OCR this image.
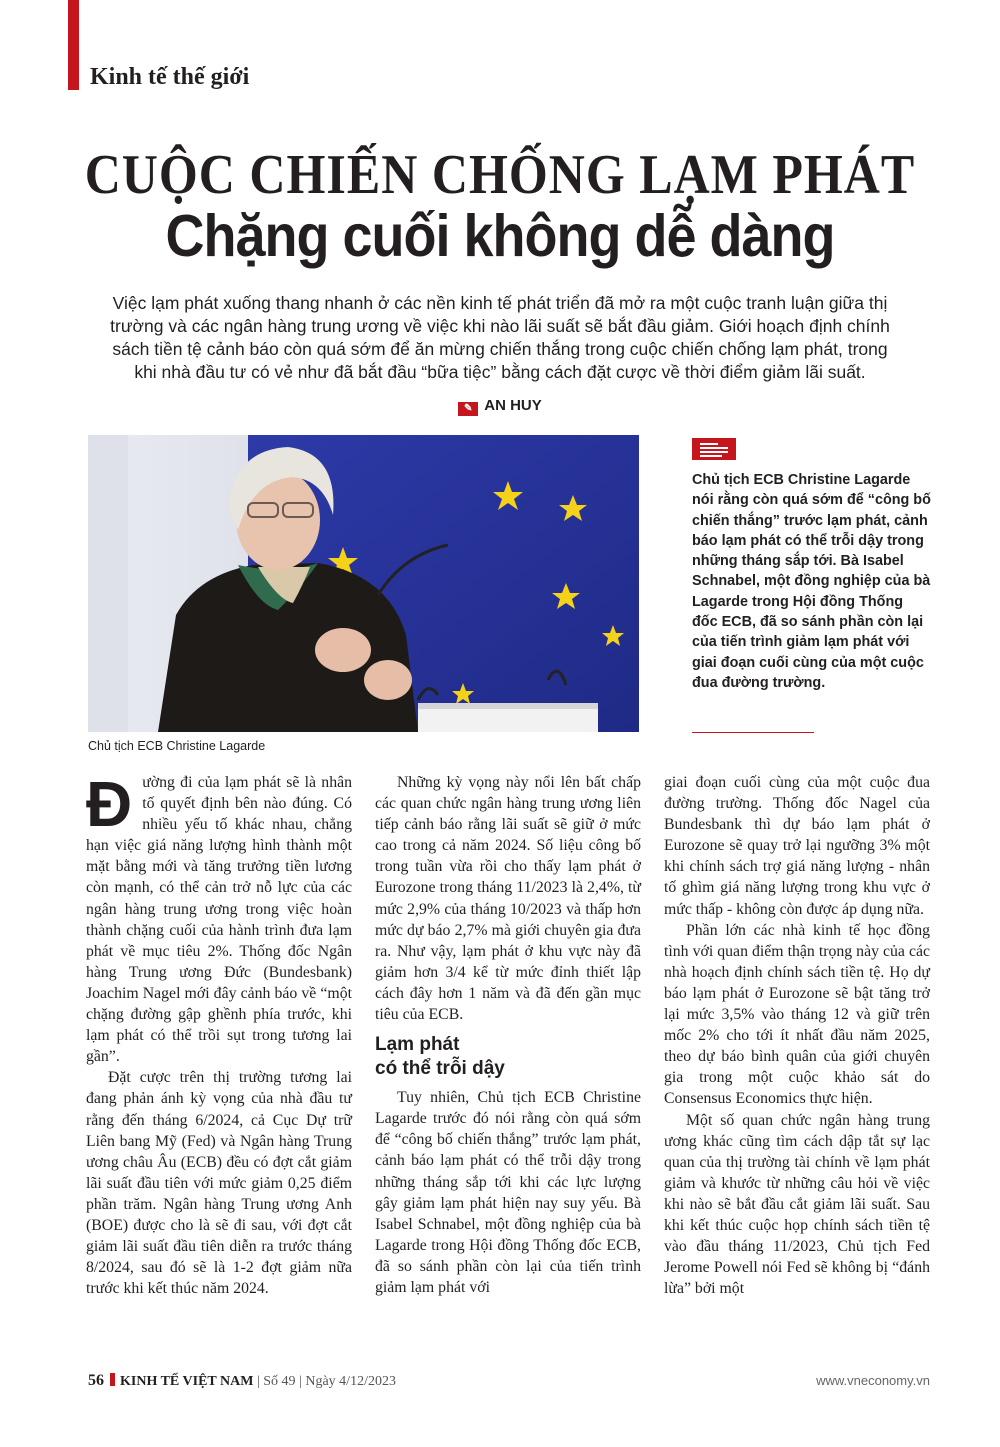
Kinh tế thế giới
CUỘC CHIẾN CHỐNG LẠM PHÁT
Chặng cuối không dễ dàng

Việc lạm phát xuống thang nhanh ở các nền kinh tế phát triển đã mở ra một cuộc tranh luận giữa thị trường và các ngân hàng trung ương về việc khi nào lãi suất sẽ bắt đầu giảm. Giới hoạch định chính sách tiền tệ cảnh báo còn quá sớm để ăn mừng chiến thắng trong cuộc chiến chống lạm phát, trong khi nhà đầu tư có vẻ như đã bắt đầu “bữa tiệc” bằng cách đặt cược về thời điểm giảm lãi suất.

✎ AN HUY
Chủ tịch ECB Christine Lagarde
Chủ tịch ECB Christine Lagarde nói rằng còn quá sớm để “công bố chiến thắng” trước lạm phát, cảnh báo lạm phát có thể trỗi dậy trong những tháng sắp tới. Bà Isabel Schnabel, một đồng nghiệp của bà Lagarde trong Hội đồng Thống đốc ECB, đã so sánh phần còn lại của tiến trình giảm lạm phát với giai đoạn cuối cùng của một cuộc đua đường trường.

Đường đi của lạm phát sẽ là nhân tố quyết định bên nào đúng. Có nhiều yếu tố khác nhau, chẳng hạn việc giá năng lượng hình thành một mặt bằng mới và tăng trưởng tiền lương còn mạnh, có thể cản trở nỗ lực của các ngân hàng trung ương trong việc hoàn thành chặng cuối của hành trình đưa lạm phát về mục tiêu 2%. Thống đốc Ngân hàng Trung ương Đức (Bundesbank) Joachim Nagel mới đây cảnh báo về “một chặng đường gập ghềnh phía trước, khi lạm phát có thể trồi sụt trong tương lai gần”.

Đặt cược trên thị trường tương lai đang phản ánh kỳ vọng của nhà đầu tư rằng đến tháng 6/2024, cả Cục Dự trữ Liên bang Mỹ (Fed) và Ngân hàng Trung ương châu Âu (ECB) đều có đợt cắt giảm lãi suất đầu tiên với mức giảm 0,25 điểm phần trăm. Ngân hàng Trung ương Anh (BOE) được cho là sẽ đi sau, với đợt cắt giảm lãi suất đầu tiên diễn ra trước tháng 8/2024, sau đó sẽ là 1-2 đợt giảm nữa trước khi kết thúc năm 2024.

Những kỳ vọng này nổi lên bất chấp các quan chức ngân hàng trung ương liên tiếp cảnh báo rằng lãi suất sẽ giữ ở mức cao trong cả năm 2024. Số liệu công bố trong tuần vừa rồi cho thấy lạm phát ở Eurozone trong tháng 11/2023 là 2,4%, từ mức 2,9% của tháng 10/2023 và thấp hơn mức dự báo 2,7% mà giới chuyên gia đưa ra. Như vậy, lạm phát ở khu vực này đã giảm hơn 3/4 kể từ mức đỉnh thiết lập cách đây hơn 1 năm và đã đến gần mục tiêu của ECB.

Lạm phát
có thể trỗi dậy

Tuy nhiên, Chủ tịch ECB Christine Lagarde trước đó nói rằng còn quá sớm để “công bố chiến thắng” trước lạm phát, cảnh báo lạm phát có thể trỗi dậy trong những tháng sắp tới khi các lực lượng gây giảm lạm phát hiện nay suy yếu. Bà Isabel Schnabel, một đồng nghiệp của bà Lagarde trong Hội đồng Thống đốc ECB, đã so sánh phần còn lại của tiến trình giảm lạm phát với

giai đoạn cuối cùng của một cuộc đua đường trường. Thống đốc Nagel của Bundesbank thì dự báo lạm phát ở Eurozone sẽ quay trở lại ngưỡng 3% một khi chính sách trợ giá năng lượng - nhân tố ghìm giá năng lượng trong khu vực ở mức thấp - không còn được áp dụng nữa.

Phần lớn các nhà kinh tế học đồng tình với quan điểm thận trọng này của các nhà hoạch định chính sách tiền tệ. Họ dự báo lạm phát ở Eurozone sẽ bật tăng trở lại mức 3,5% vào tháng 12 và giữ trên mốc 2% cho tới ít nhất đầu năm 2025, theo dự báo bình quân của giới chuyên gia trong một cuộc khảo sát do Consensus Economics thực hiện.

Một số quan chức ngân hàng trung ương khác cũng tìm cách dập tắt sự lạc quan của thị trường tài chính về lạm phát giảm và khước từ những câu hỏi về việc khi nào sẽ bắt đầu cắt giảm lãi suất. Sau khi kết thúc cuộc họp chính sách tiền tệ vào đầu tháng 11/2023, Chủ tịch Fed Jerome Powell nói Fed sẽ không bị “đánh lừa” bởi một

56 KINH TẾ VIỆT NAM | Số 49 | Ngày 4/12/2023	www.vneconomy.vn
